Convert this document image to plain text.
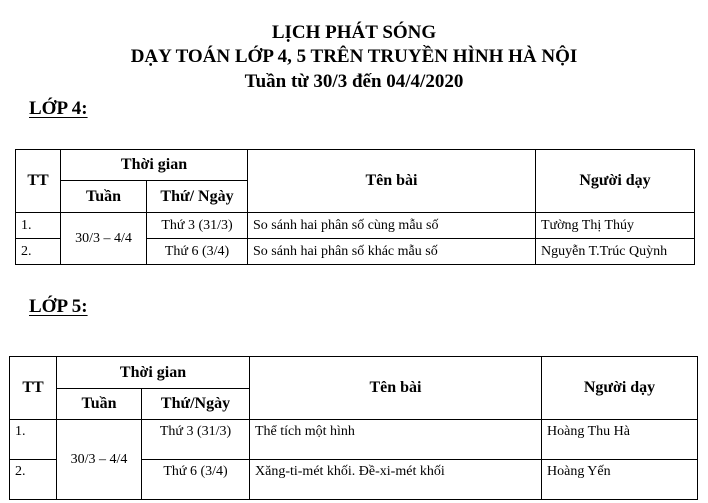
LỊCH PHÁT SÓNG
DẠY TOÁN LỚP 4, 5 TRÊN TRUYỀN HÌNH HÀ NỘI
Tuần từ 30/3 đến 04/4/2020
LỚP 4:
TT	Thời gian		Tên bài	Người dạy
	Tuần	Thứ/ Ngày		
1.	30/3 – 4/4	Thứ 3 (31/3)	So sánh hai phân số cùng mẫu số	Tường Thị Thúy
2.		Thứ 6 (3/4)	So sánh hai phân số khác mẫu số	Nguyễn T.Trúc Quỳnh
LỚP 5:
TT	Thời gian		Tên bài	Người dạy
	Tuần	Thứ/Ngày		
1.	30/3 – 4/4	Thứ 3 (31/3)	Thể tích một hình	Hoàng Thu Hà
2.		Thứ 6 (3/4)	Xăng-ti-mét khối. Đề-xi-mét khối	Hoàng Yến
